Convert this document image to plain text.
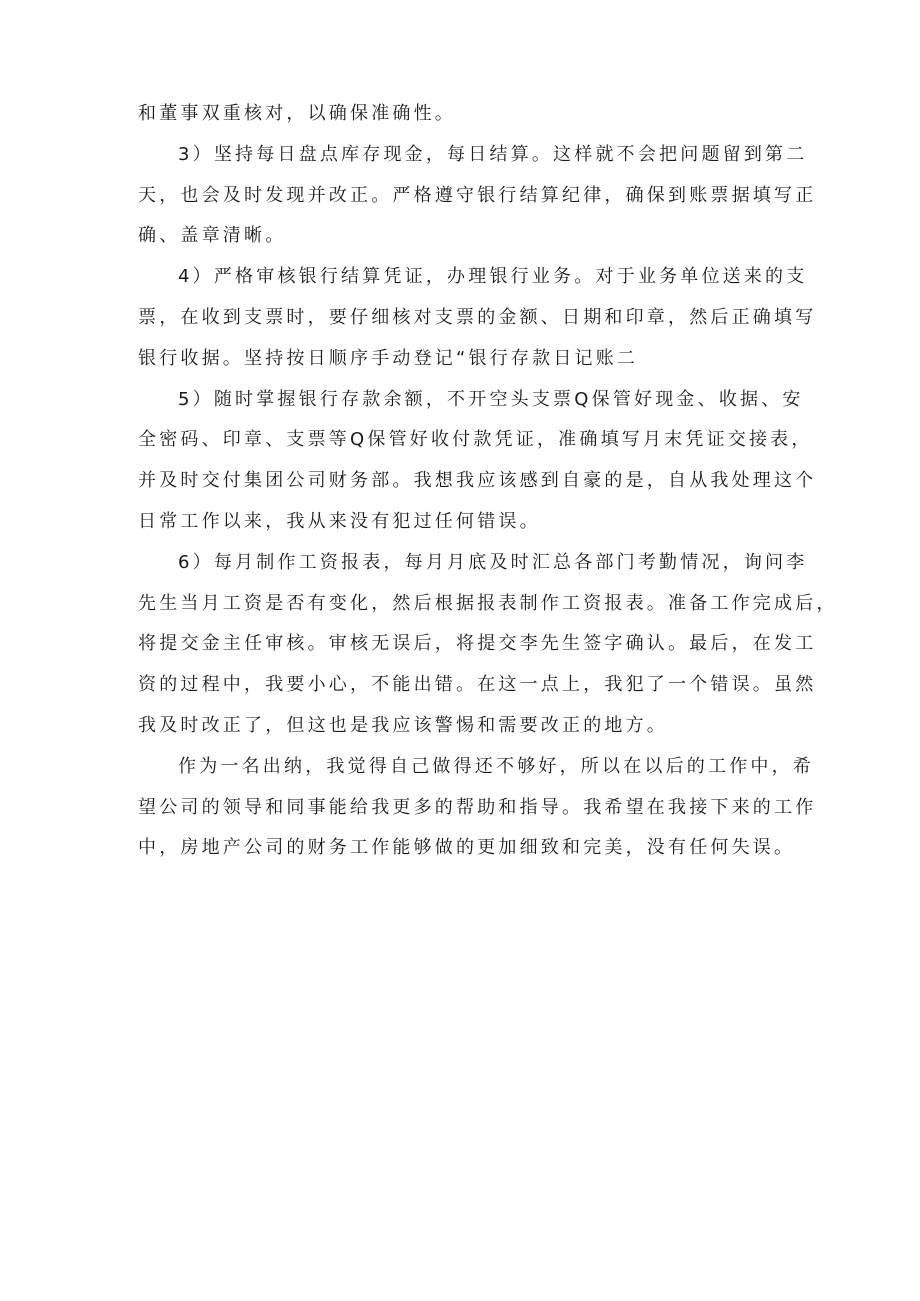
和董事双重核对，以确保准确性。

3）坚持每日盘点库存现金，每日结算。这样就不会把问题留到第二
天，也会及时发现并改正。严格遵守银行结算纪律，确保到账票据填写正
确、盖章清晰。

4）严格审核银行结算凭证，办理银行业务。对于业务单位送来的支
票，在收到支票时，要仔细核对支票的金额、日期和印章，然后正确填写
银行收据。坚持按日顺序手动登记“银行存款日记账二

5）随时掌握银行存款余额，不开空头支票Q保管好现金、收据、安
全密码、印章、支票等Q保管好收付款凭证，准确填写月末凭证交接表，
并及时交付集团公司财务部。我想我应该感到自豪的是，自从我处理这个
日常工作以来，我从来没有犯过任何错误。

6）每月制作工资报表，每月月底及时汇总各部门考勤情况，询问李
先生当月工资是否有变化，然后根据报表制作工资报表。准备工作完成后，
将提交金主任审核。审核无误后，将提交李先生签字确认。最后，在发工
资的过程中，我要小心，不能出错。在这一点上，我犯了一个错误。虽然
我及时改正了，但这也是我应该警惕和需要改正的地方。

作为一名出纳，我觉得自己做得还不够好，所以在以后的工作中，希
望公司的领导和同事能给我更多的帮助和指导。我希望在我接下来的工作
中，房地产公司的财务工作能够做的更加细致和完美，没有任何失误。
